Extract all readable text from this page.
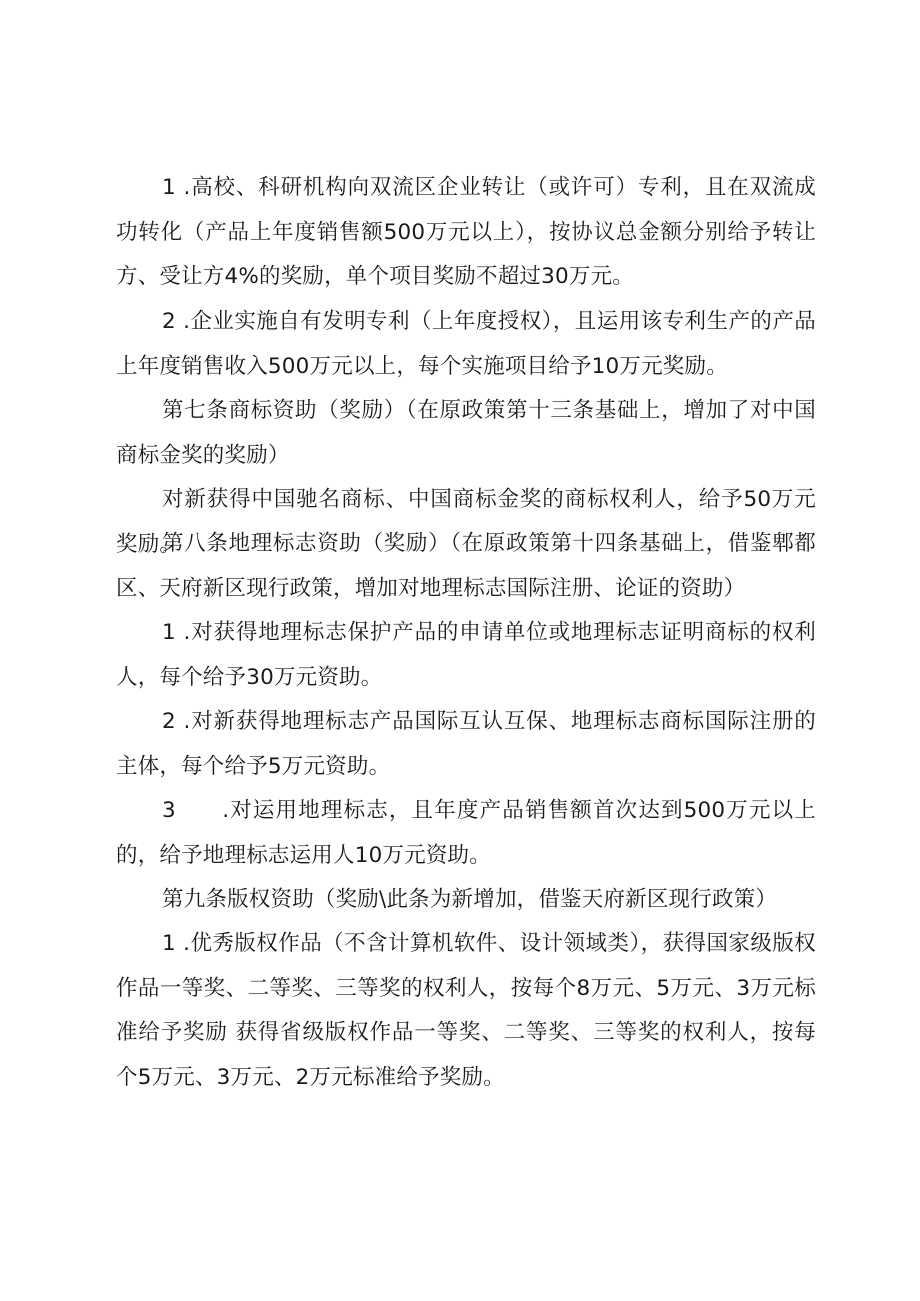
1 .高校、科研机构向双流区企业转让（或许可）专利，且在双流成功转化（产品上年度销售额500万元以上），按协议总金额分别给予转让方、受让方4%的奖励，单个项目奖励不超过30万元。

2 .企业实施自有发明专利（上年度授权），且运用该专利生产的产品上年度销售收入500万元以上，每个实施项目给予10万元奖励。

第七条商标资助（奖励）（在原政策第十三条基础上，增加了对中国商标金奖的奖励）

对新获得中国驰名商标、中国商标金奖的商标权利人，给予50万元奖励。

第八条地理标志资助（奖励）（在原政策第十四条基础上，借鉴郫都区、天府新区现行政策，增加对地理标志国际注册、论证的资助）

1 .对获得地理标志保护产品的申请单位或地理标志证明商标的权利人，每个给予30万元资助。

2 .对新获得地理标志产品国际互认互保、地理标志商标国际注册的主体，每个给予5万元资助。

3　　.对运用地理标志，且年度产品销售额首次达到500万元以上的，给予地理标志运用人10万元资助。

第九条版权资助（奖励\此条为新增加，借鉴天府新区现行政策）

1 .优秀版权作品（不含计算机软件、设计领域类），获得国家级版权作品一等奖、二等奖、三等奖的权利人，按每个8万元、5万元、3万元标准给予奖励 获得省级版权作品一等奖、二等奖、三等奖的权利人，按每个5万元、3万元、2万元标准给予奖励。
